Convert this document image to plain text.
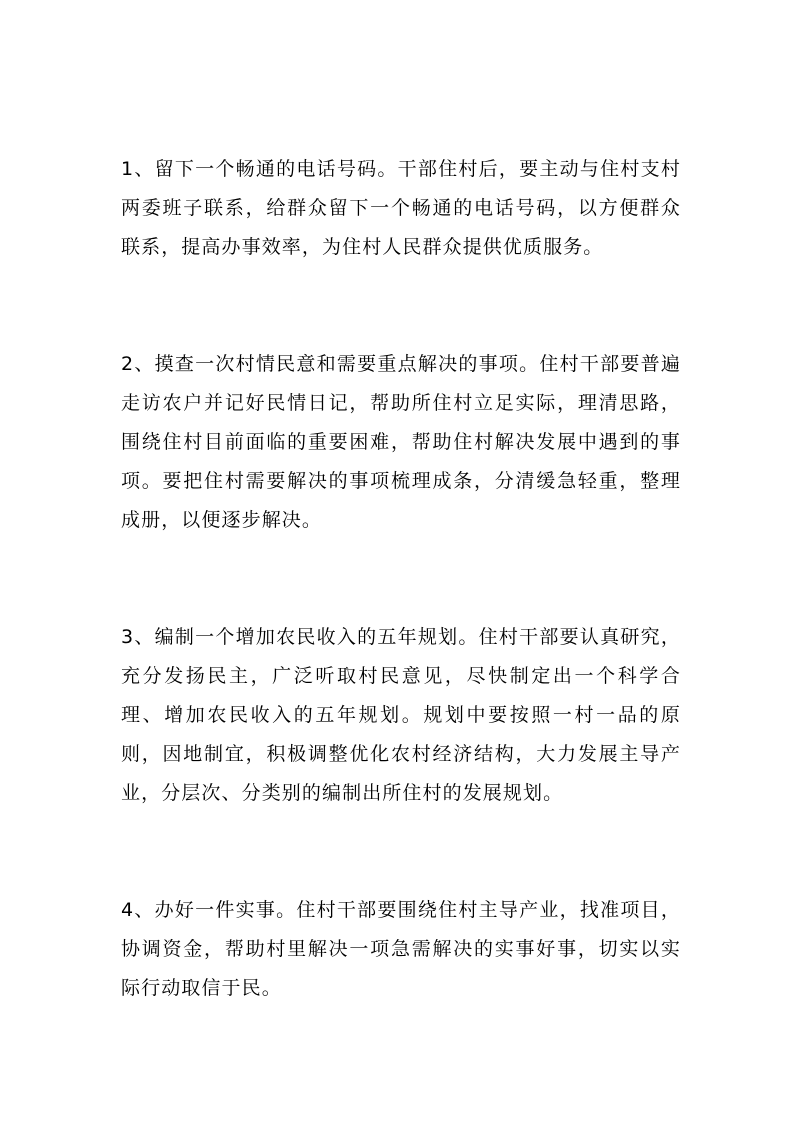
1、留下一个畅通的电话号码。干部住村后，要主动与住村支村两委班子联系，给群众留下一个畅通的电话号码，以方便群众联系，提高办事效率，为住村人民群众提供优质服务。

2、摸查一次村情民意和需要重点解决的事项。住村干部要普遍走访农户并记好民情日记，帮助所住村立足实际，理清思路，围绕住村目前面临的重要困难，帮助住村解决发展中遇到的事项。要把住村需要解决的事项梳理成条，分清缓急轻重，整理成册，以便逐步解决。

3、编制一个增加农民收入的五年规划。住村干部要认真研究，充分发扬民主，广泛听取村民意见，尽快制定出一个科学合理、增加农民收入的五年规划。规划中要按照一村一品的原则，因地制宜，积极调整优化农村经济结构，大力发展主导产业，分层次、分类别的编制出所住村的发展规划。

4、办好一件实事。住村干部要围绕住村主导产业，找准项目，协调资金，帮助村里解决一项急需解决的实事好事，切实以实际行动取信于民。
